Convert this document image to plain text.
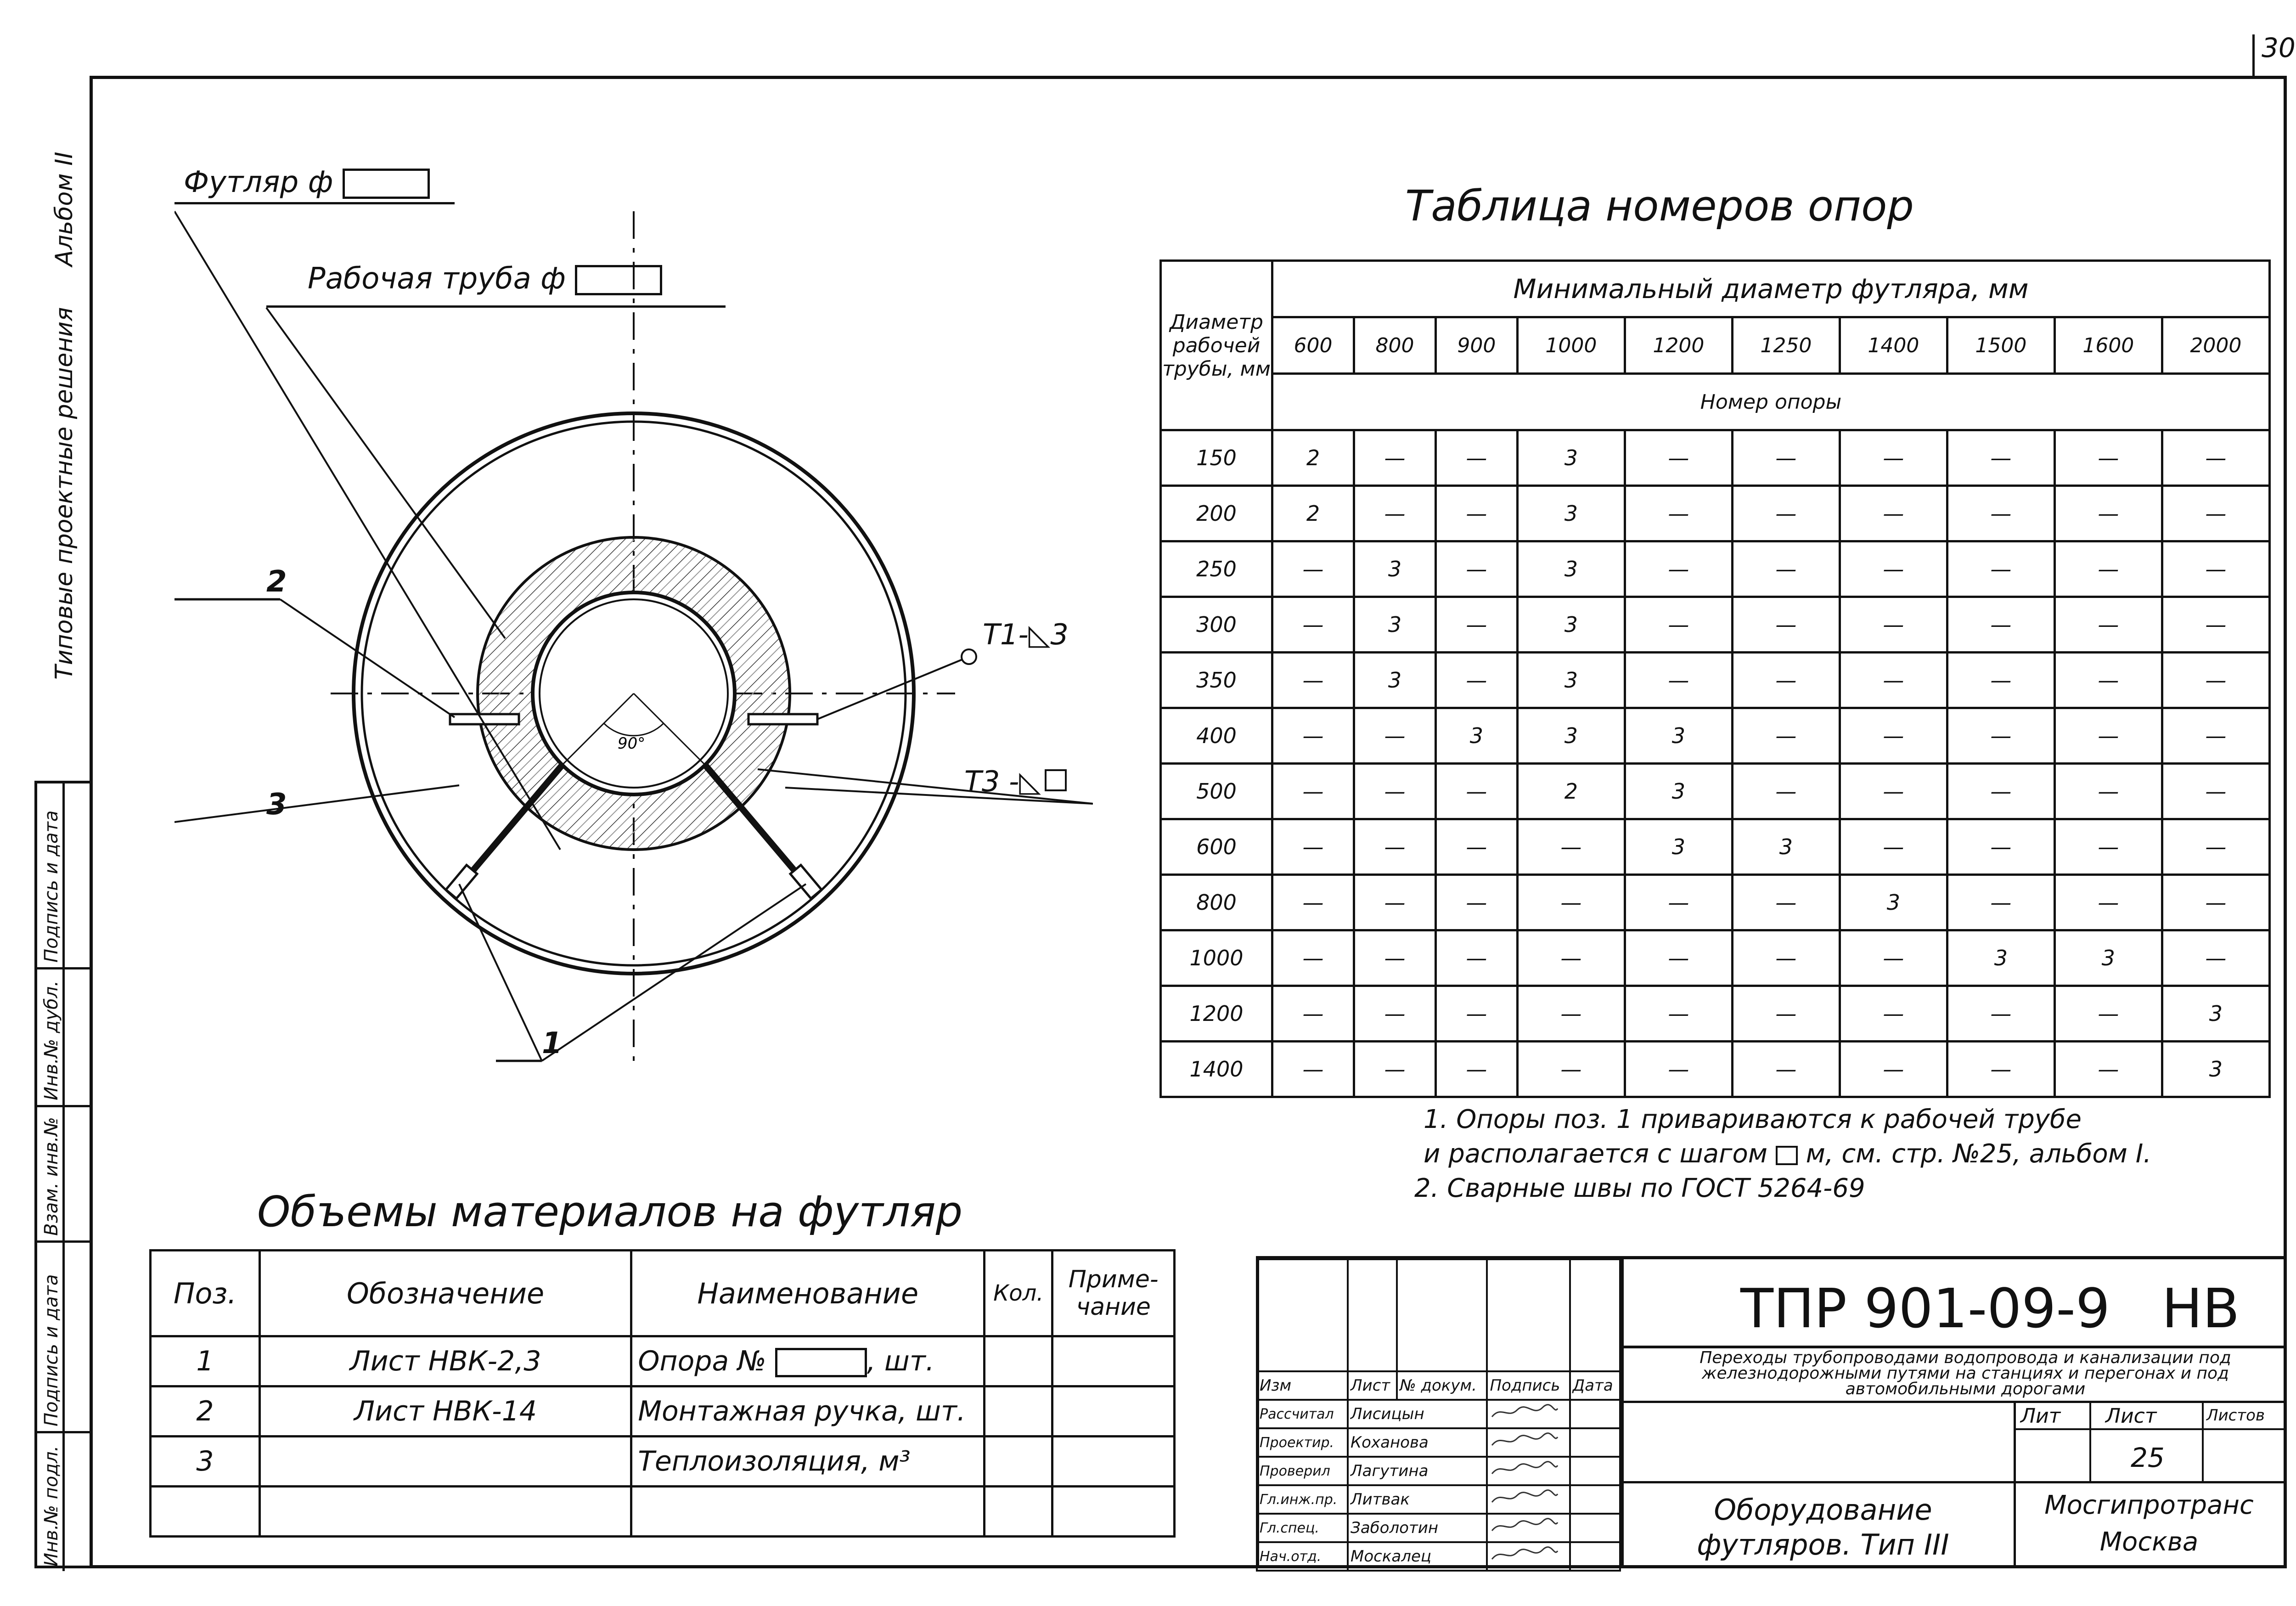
30
Типовые проектные решения
Альбом II
Подпись и дата
Инв.№ дубл.
Взам. инв.№
Подпись и дата
Инв.№ подл.
90°
Футляр ф
Рабочая труба ф
2
3
1
Т1-◺3
Т3 -◺
Таблица номеров опор
Диаметр рабочей трубы, мм	Минимальный диаметр футляра, мм									
	600	800	900	1000	1200	1250	1400	1500	1600	2000
	Номер опоры									
150	2	—	—	3	—	—	—	—	—	—
200	2	—	—	3	—	—	—	—	—	—
250	—	3	—	3	—	—	—	—	—	—
300	—	3	—	3	—	—	—	—	—	—
350	—	3	—	3	—	—	—	—	—	—
400	—	—	3	3	3	—	—	—	—	—
500	—	—	—	2	3	—	—	—	—	—
600	—	—	—	—	3	3	—	—	—	—
800	—	—	—	—	—	—	3	—	—	—
1000	—	—	—	—	—	—	—	3	3	—
1200	—	—	—	—	—	—	—	—	—	3
1400	—	—	—	—	—	—	—	—	—	3
1. Опоры поз. 1 привариваются к рабочей трубе
и располагается с шагом м, см. стр. №25, альбом I.
2. Сварные швы по ГОСТ 5264-69
Объемы материалов на футляр
Поз.	Обозначение	Наименование	Кол.	Приме-чание
1	Лист НВК-2,3	Опора № , шт.		
2	Лист НВК-14	Монтажная ручка, шт.		
3		Теплоизоляция, м³		

Изм	Лист	№ докум.	Подпись	Дата
Рассчитал	Лисицын		
Проектир.	Коханова		
Проверил	Лагутина		
Гл.инж.пр.	Литвак		
Гл.спец.	Заболотин		
Нач.отд.	Москалец		
ТПР 901-09-9   НВ
Переходы трубопроводами водопровода и канализации под железнодорожными путями на станциях и перегонах и под автомобильными дорогами
Лит Лист	Листов
25
Оборудование футляров. Тип III
Мосгипротранс
Москва
